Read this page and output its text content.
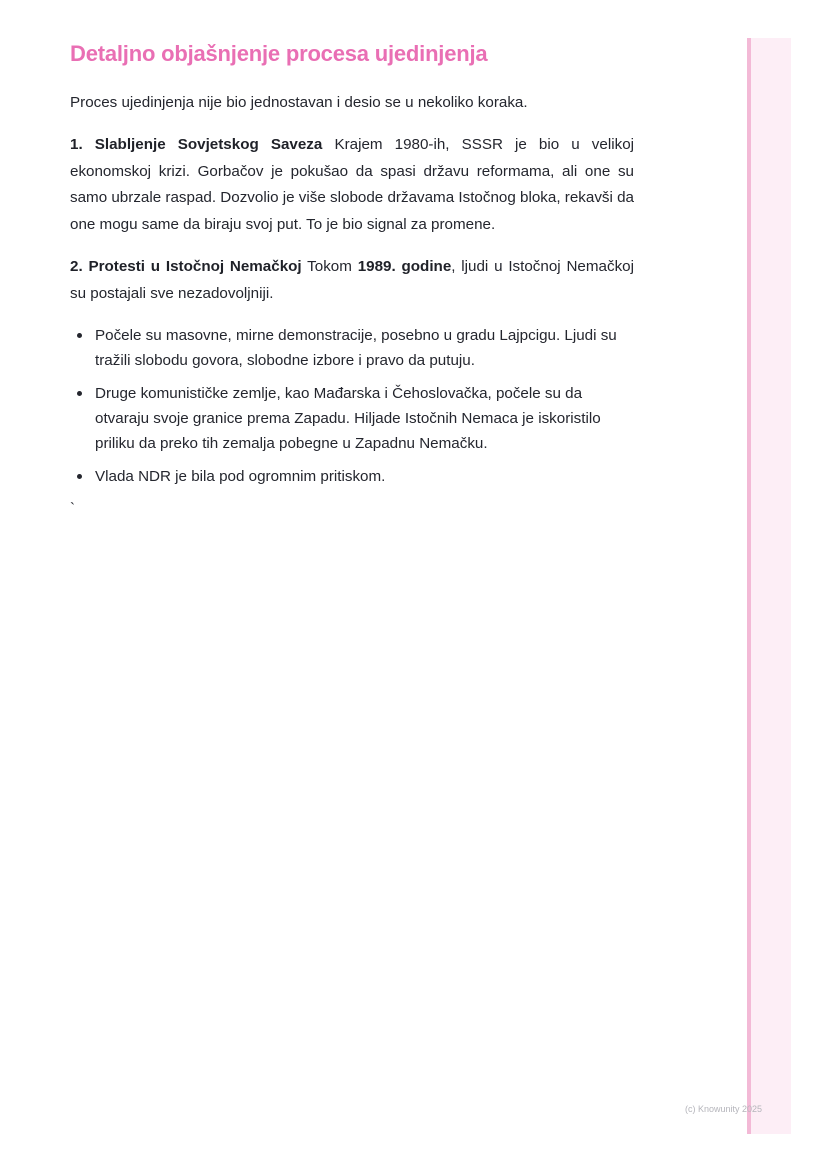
Detaljno objašnjenje procesa ujedinjenja

Proces ujedinjenja nije bio jednostavan i desio se u nekoliko koraka.

1. Slabljenje Sovjetskog Saveza Krajem 1980-ih, SSSR je bio u velikoj ekonomskoj krizi. Gorbačov je pokušao da spasi državu reformama, ali one su samo ubrzale raspad. Dozvolio je više slobode državama Istočnog bloka, rekavši da one mogu same da biraju svoj put. To je bio signal za promene.

2. Protesti u Istočnoj Nemačkoj Tokom 1989. godine, ljudi u Istočnoj Nemačkoj su postajali sve nezadovoljniji.

Počele su masovne, mirne demonstracije, posebno u gradu Lajpcigu. Ljudi su tražili slobodu govora, slobodne izbore i pravo da putuju.
Druge komunističke zemlje, kao Mađarska i Čehoslovačka, počele su da otvaraju svoje granice prema Zapadu. Hiljade Istočnih Nemaca je iskoristilo priliku da preko tih zemalja pobegne u Zapadnu Nemačku.
Vlada NDR je bila pod ogromnim pritiskom.
`
(c) Knowunity 2025
